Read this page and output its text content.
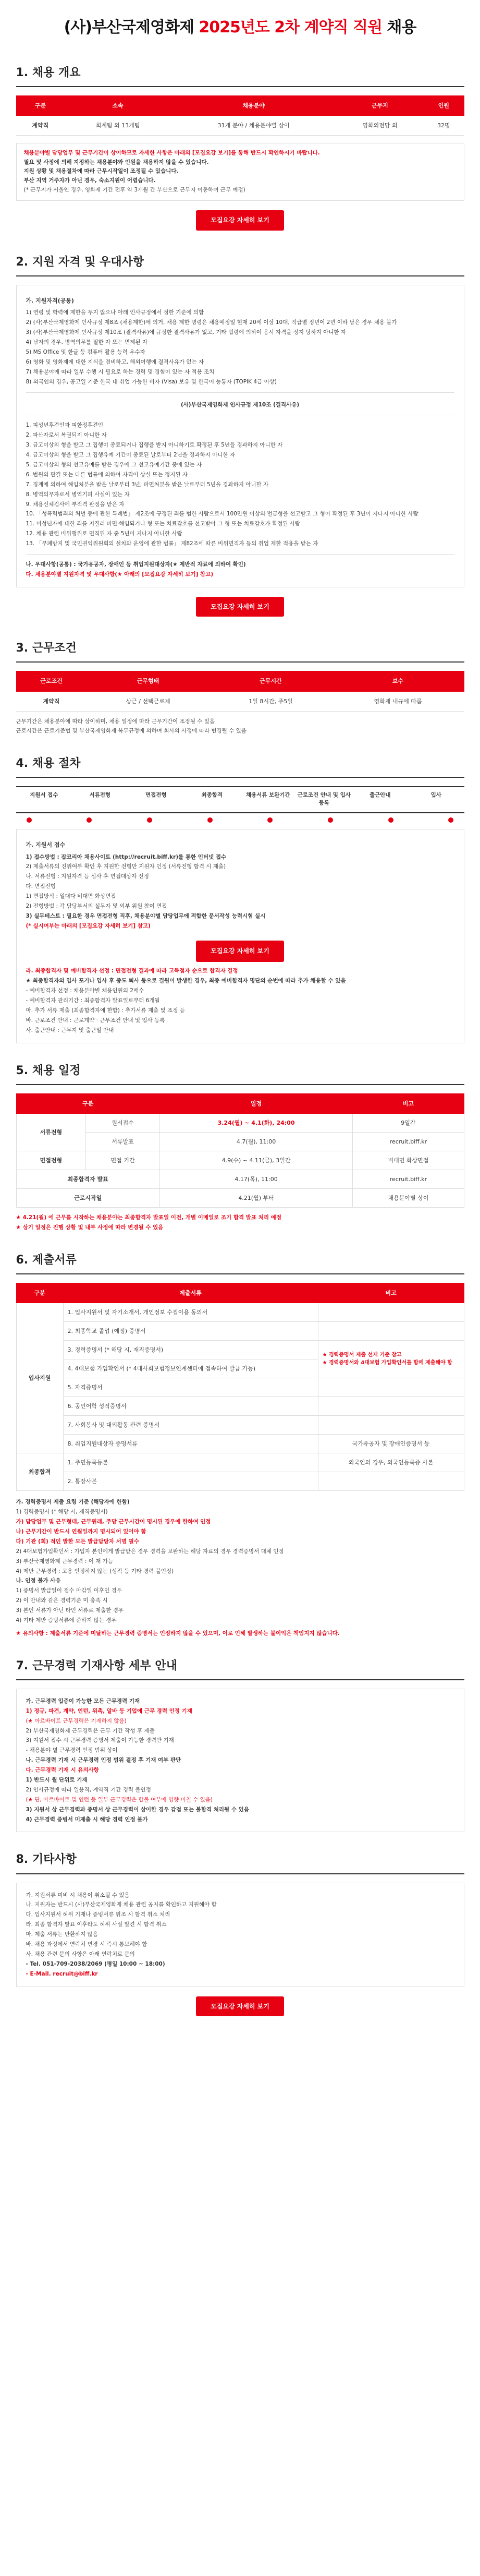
(사)부산국제영화제 2025년도 2차 계약직 직원 채용
1. 채용 개요
구분	소속	채용분야	근무지	인원
계약직	회계팀 외 13개팀	31개 분야 / 채용분야별 상이	영화의전당 외	32명
채용분야별 담당업무 및 근무기간이 상이하므로 자세한 사항은 아래의 [모집요강 보기]를 통해 반드시 확인하시기 바랍니다.
필요 및 사정에 의해 지정하는 채용분야와 인원을 채용하지 않을 수 있습니다.
지원 상황 및 채용절차에 따라 근무시작일이 조정될 수 있습니다.
부산 지역 거주자가 아닌 경우, 숙소지원이 어렵습니다.
(* 근무지가 서울인 경우, 영화제 기간 전후 약 3개월 간 부산으로 근무지 이동하여 근무 예정)
모집요강 자세히 보기
2. 지원 자격 및 우대사항
가. 지원자격(공통)
1) 연령 및 학력에 제한을 두지 않으나 아래 인사규정에서 정한 기준에 의함
2) (사)부산국제영화제 인사규정 제8조 (채용제한)에 의거, 채용 제한 명령은 채용예정일 현재 20세 이상 10대, 직급별 정년이 2년 이하 남은 경우 채용 불가
3) (사)부산국제영화제 인사규정 제10조 (결격사유)에 규정한 결격사유가 없고, 기타 법령에 의하여 응시 자격을 정지 당하지 아니한 자
4) 남자의 경우, 병역의무를 필한 자 또는 면제된 자
5) MS Office 및 한글 등 컴퓨터 활용 능력 우수자
6) 영화 및 영화제에 대한 지식을 겸비하고, 해외여행에 결격사유가 없는 자
7) 채용분야에 따라 일부 수행 시 필요로 하는 경력 및 경험이 있는 자 적용 조치
8) 외국인의 경우, 공고일 기준 한국 내 취업 가능한 비자 (Visa) 보유 및 한국어 능통자 (TOPIK 4급 이상)
(사)부산국제영화제 인사규정 제10조 (결격사유)
1. 피성년후견인과 피한정후견인
2. 파산자로서 복권되지 아니한 자
3. 금고이상의 형을 받고 그 집행이 종료되거나 집행을 받지 아니하기로 확정된 후 5년을 경과하지 아니한 자
4. 금고이상의 형을 받고 그 집행유예 기간이 종료된 날로부터 2년을 경과하지 아니한 자
5. 금고이상의 형의 선고유예를 받은 경우에 그 선고유예기간 중에 있는 자
6. 법원의 판결 또는 다른 법률에 의하여 자격이 상실 또는 정지된 자
7. 징계에 의하여 해임처분을 받은 날로부터 3년, 파면처분을 받은 날로부터 5년을 경과하지 아니한 자
8. 병역의무자로서 병역기피 사실이 있는 자
9. 채용신체검사에 부적격 판정을 받은 자
10. 「성폭력범죄의 처벌 등에 관한 특례법」 제2조에 규정된 죄를 범한 사람으로서 100만원 이상의 벌금형을 선고받고 그 형이 확정된 후 3년이 지나지 아니한 사람
11. 미성년자에 대한 죄를 저질러 파면·해임되거나 형 또는 치료감호를 선고받아 그 형 또는 치료감호가 확정된 사람
12. 채용 관련 비위행위로 면직된 자 중 5년이 지나지 아니한 사람
13. 「부패방지 및 국민권익위원회의 설치와 운영에 관한 법률」 제82조에 따른 비위면직자 등의 취업 제한 적용을 받는 자
나. 우대사항(공통) : 국가유공자, 장애인 등 취업지원대상자(★ 제반적 자료에 의하여 확인)
다. 채용분야별 지원자격 및 우대사항(★ 아래의 [모집요강 자세히 보기] 참고)
모집요강 자세히 보기
3. 근무조건
근로조건	근무형태	근무시간	보수
계약직	상근 / 선택근로제	1일 8시간, 주5일	영화제 내규에 따름
근무기간은 채용분야에 따라 상이하며, 채용 일정에 따라 근무기간이 조정될 수 있음
근로시간은 근로기준법 및 부산국제영화제 복무규정에 의하며 회사의 사정에 따라 변경될 수 있음
4. 채용 절차
지원서 접수	서류전형	면접전형	최종합격	채용서류 보완기간	근로조건 안내 및 입사등록
출근안내	입사
가. 지원서 접수
1) 접수방법 : 잡코리아 채용사이트 (http://recruit.biff.kr)를 통한 인터넷 접수
2) 제출서류의 진위여부 확인 후 지원한 전형만 지원자 인정 (서류전형 합격 시 제출)
나. 서류전형 : 지원자격 등 심사 후 면접대상자 선정
다. 면접전형
1) 면접방식 : 일대다 비대면 화상면접
2) 전형방법 : 각 담당부서의 실무자 및 외부 위원 참여 면접
3) 실무테스트 : 필요한 경우 면접전형 직후, 채용분야별 담당업무에 적합한 문서작성 능력시험 실시
(* 실시여부는 아래의 [모집요강 자세히 보기] 참고)
모집요강 자세히 보기
라. 최종합격자 및 예비합격자 선정 : 면접전형 결과에 따라 고득점자 순으로 합격자 결정
★ 최종합격자의 입사 포기나 입사 후 중도 퇴사 등으로 결원이 발생한 경우, 최종 예비합격자 명단의 순번에 따라 추가 채용할 수 있음
- 예비합격자 선정 : 채용분야별 채용인원의 2배수
- 예비합격자 관리기간 : 최종합격자 발표일로부터 6개월
마. 추가 서류 제출 (최종합격자에 한함) : 추가서류 제출 및 조정 등
바. 근로조건 안내 : 근로계약 · 근무조건 안내 및 입사 등록
사. 출근안내 : 근무지 및 출근일 안내
5. 채용 일정
구분		일정	비고
서류전형	원서접수	3.24(월) ~ 4.1(화), 24:00	9일간
	서류발표	4.7(월), 11:00	recruit.biff.kr
면접전형	면접 기간	4.9(수) ~ 4.11(금), 3일간	비대면 화상면접
최종합격자 발표		4.17(목), 11:00	recruit.biff.kr
근로시작일		4.21(월) 부터	채용분야별 상이
★ 4.21(월) 에 근무를 시작하는 채용분야는 최종합격자 발표일 이전, 개별 이메일로 조기 합격 발표 처리 예정
★ 상기 일정은 진행 상황 및 내부 사정에 따라 변경될 수 있음
6. 제출서류
구분	제출서류	비고
입사지원	1. 입사지원서 및 자기소개서, 개인정보 수집이용 동의서	
	2. 최종학교 졸업 (예정) 증명서	
	3. 경력증명서 (* 해당 시, 재직증명서)	★ 경력증명서 제출 선제 기준 참고
★ 경력증명서와 4대보험 가입확인서를 함께 제출해야 함

	4. 4대보험 가입확인서 (* 4대사회보험정보연계센터에 접속하여 발급 가능)	
	5. 자격증명서	
	6. 공인어학 성적증명서	
	7. 사회봉사 및 대외활동 관련 증명서	
	8. 취업지원대상자 증명서류	국가유공자 및 장애인증명서 등
최종합격	1. 주민등록등본	외국인의 경우, 외국인등록증 사본
	2. 통장사본	
가. 경력증명서 제출 요령 기준 (해당자에 한함)
1) 경력증명서 (* 해당 시, 재직증명서)
가) 담당업무 및 근무형태, 근무원래, 주당 근무시간이 명시된 경우에 한하여 인정
나) 근무기간이 반드시 연월일까지 명시되어 있어야 함
다) 기관 (회) 적인 발한 모든 발급담당자 서명 필수
2) 4대보험가입확인서 : 가입자 본인에게 발급받은 경우 경력을 보완하는 해당 자료의 경우 경력증명서 대체 인정
3) 부산국제영화제 근무경력 : 이 재 가능
4) 제반 근무경력 : 고용 인정하지 않는 (성적 등 기타 경력 불인정)
나. 인정 불가 사유
1) 증명서 발급일이 접수 마감일 이후인 경우
2) 이 안내와 같은 경력기준 미 충족 시
3) 본인 서류가 아닌 타인 서류로 제출한 경우
4) 기타 제반 증빙서류에 준하지 않는 경우
★ 유의사항 : 제출서류 기준에 미달하는 근무경력 증명서는 인정하지 않을 수 있으며, 이로 인해 발생하는 불이익은 책임지지 않습니다.
7. 근무경력 기재사항 세부 안내
가. 근무경력 입증이 가능한 모든 근무경력 기재
1) 정규, 파견, 계약, 인턴, 위촉, 알바 등 기업에 근무 경력 인정 기재
(★ 아르바이트 근무경력은 기재하지 않음)
2) 부산국제영화제 근무경력은 근무 기간 작성 후 제출
3) 지원서 접수 시 근무경력 증명서 제출이 가능한 경력만 기재
- 채용분야 별 근무경력 인정 범위 상이
나. 근무경력 기재 시 근무경력 인정 범위 결정 후 기재 여부 판단
다. 근무경력 기재 시 유의사항
1) 반드시 월 단위로 기재
2) 인사규정에 따라 일용직, 계약직 기간 경력 불인정
(★ 단, 아르바이트 및 인턴 등 일부 근무경력은 합불 여부에 영향 미칠 수 있음)
3) 지원서 상 근무경력과 증명서 상 근무경력이 상이한 경우 감점 또는 불합격 처리될 수 있음
4) 근무경력 증빙서 미제출 시 해당 경력 인정 불가
8. 기타사항
가. 지원서류 미비 시 채용이 취소될 수 있음
나. 지원자는 반드시 (사)부산국제영화제 채용 관련 공지를 확인하고 지원해야 함
다. 입사지원서 허위 기재나 증빙서류 위조 시 합격 취소 처리
라. 최종 합격자 발표 이후라도 허위 사실 발견 시 합격 취소
마. 제출 서류는 반환하지 않음
바. 채용 과정에서 연락처 변경 시 즉시 통보해야 함
사. 채용 관련 문의 사항은 아래 연락처로 문의
- Tel. 051-709-2038/2069 (평일 10:00 ~ 18:00)
- E-Mail. recruit@biff.kr
모집요강 자세히 보기
